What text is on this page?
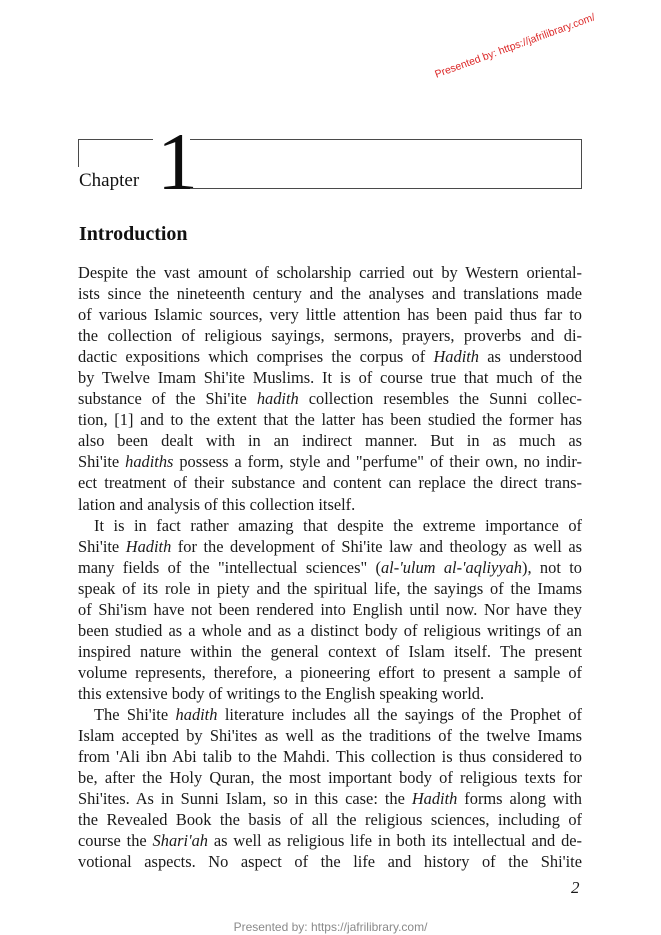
Chapter 1
Introduction
Despite the vast amount of scholarship carried out by Western oriental-
ists since the nineteenth century and the analyses and translations made
of various Islamic sources, very little attention has been paid thus far to
the collection of religious sayings, sermons, prayers, proverbs and di-
dactic expositions which comprises the corpus of Hadith as understood
by Twelve Imam Shi'ite Muslims. It is of course true that much of the
substance of the Shi'ite hadith collection resembles the Sunni collec-
tion, [1] and to the extent that the latter has been studied the former has
also been dealt with in an indirect manner. But in as much as
Shi'ite hadiths possess a form, style and "perfume" of their own, no indir-
ect treatment of their substance and content can replace the direct trans-
lation and analysis of this collection itself.
It is in fact rather amazing that despite the extreme importance of
Shi'ite Hadith for the development of Shi'ite law and theology as well as
many fields of the "intellectual sciences" (al-'ulum al-'aqliyyah), not to
speak of its role in piety and the spiritual life, the sayings of the Imams
of Shi'ism have not been rendered into English until now. Nor have they
been studied as a whole and as a distinct body of religious writings of an
inspired nature within the general context of Islam itself. The present
volume represents, therefore, a pioneering effort to present a sample of
this extensive body of writings to the English speaking world.
The Shi'ite hadith literature includes all the sayings of the Prophet of
Islam accepted by Shi'ites as well as the traditions of the twelve Imams
from 'Ali ibn Abi talib to the Mahdi. This collection is thus considered to
be, after the Holy Quran, the most important body of religious texts for
Shi'ites. As in Sunni Islam, so in this case: the Hadith forms along with
the Revealed Book the basis of all the religious sciences, including of
course the Shari'ah as well as religious life in both its intellectual and de-
votional aspects. No aspect of the life and history of the Shi'ite
Presented by: https://jafrilibrary.com/
2
Presented by: https://jafrilibrary.com/
